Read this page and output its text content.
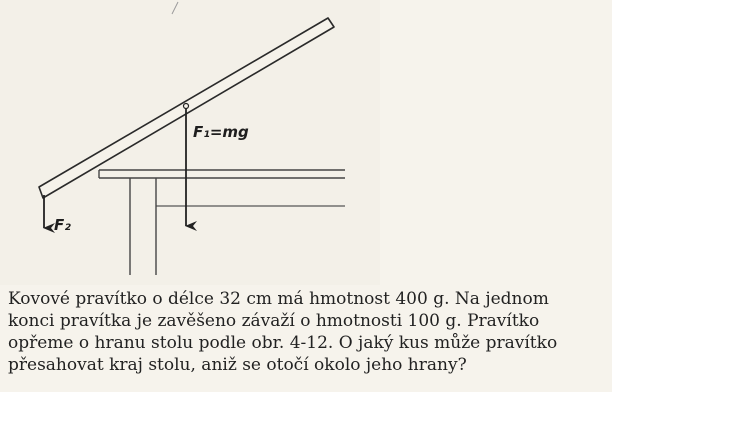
F₁=mg
F₂
Kovové pravítko o délce 32 cm má hmotnost 400 g. Na jednom
konci pravítka je zavěšeno závaží o hmotnosti 100 g. Pravítko
opřeme o hranu stolu podle obr. 4-12. O jaký kus může pravítko
přesahovat kraj stolu, aniž se otočí okolo jeho hrany?
